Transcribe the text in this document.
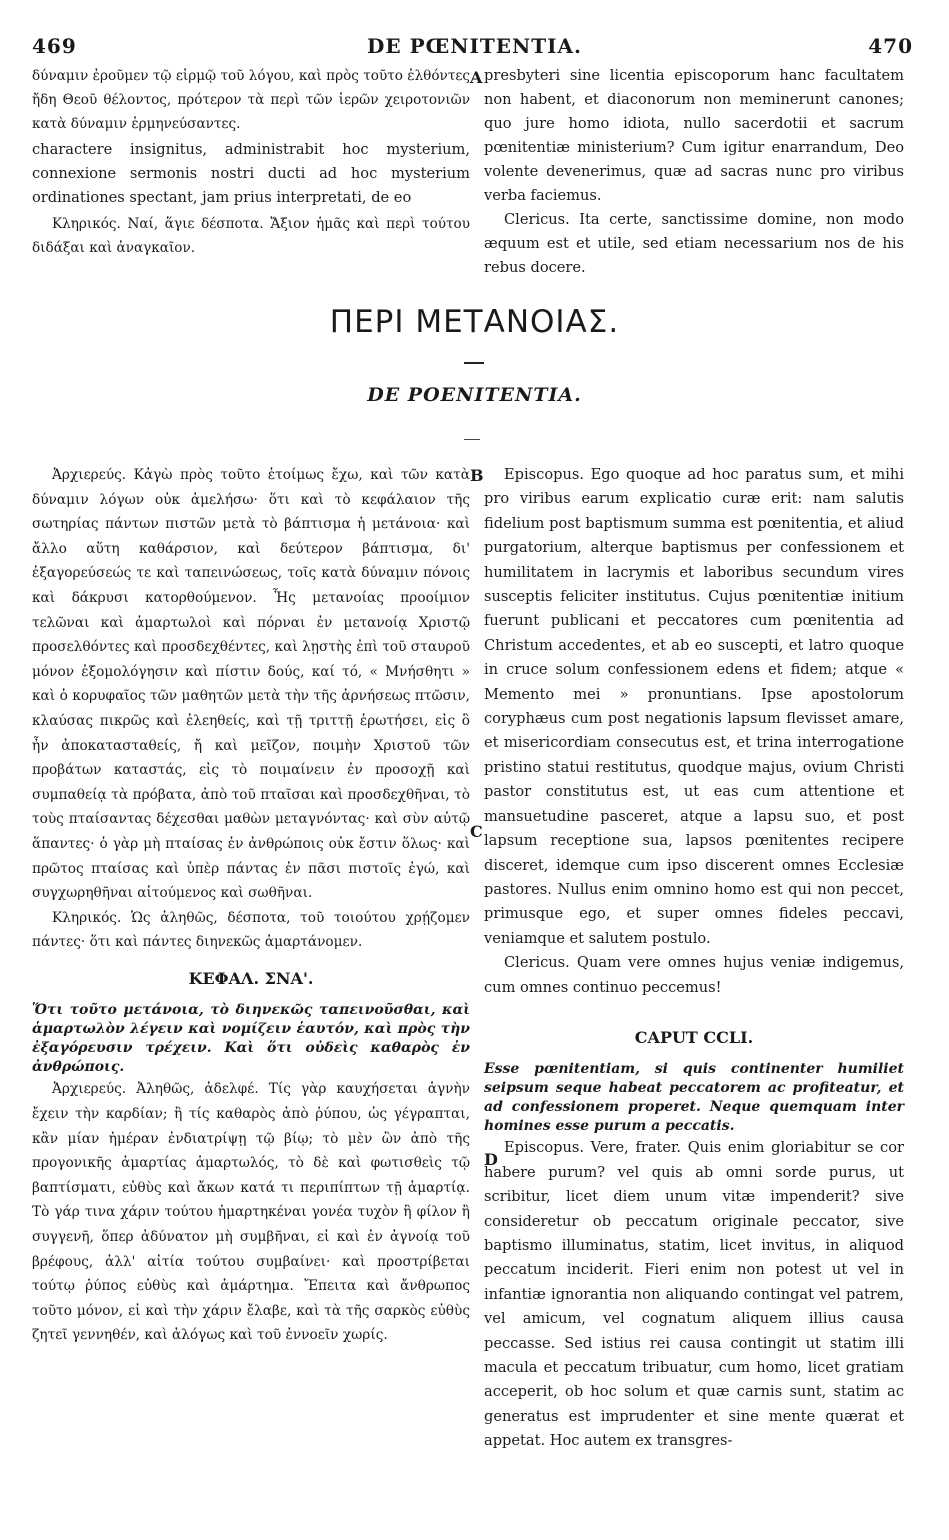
469	DE PŒNITENTIA.	470

δύναμιν ἐροῦμεν τῷ εἱρμῷ τοῦ λόγου, καὶ πρὸς τοῦτο ἐλθόντες ἤδη Θεοῦ θέλοντος, πρότερον τὰ περὶ τῶν ἱερῶν χειροτονιῶν κατὰ δύναμιν ἑρμηνεύσαντες.

charactere insignitus, administrabit hoc mysterium, connexione sermonis nostri ducti ad hoc mysterium ordinationes spectant, jam prius interpretati, de eo

Κληρικός. Ναί, ἅγιε δέσποτα. Ἄξιον ἡμᾶς καὶ περὶ τούτου διδάξαι καὶ ἀναγκαῖον.

presbyteri sine licentia episcoporum hanc facultatem non habent, et diaconorum non meminerunt canones; quo jure homo idiota, nullo sacerdotii et sacrum pœnitentiæ ministerium? Cum igitur enarrandum, Deo volente devenerimus, quæ ad sacras nunc pro viribus verba faciemus.

Clericus. Ita certe, sanctissime domine, non modo æquum est et utile, sed etiam necessarium nos de his rebus docere.

A
ΠΕΡΙ ΜΕΤΑΝΟΙΑΣ.
DE POENITENTIA.
B
C
D

Ἀρχιερεύς. Κἀγὼ πρὸς τοῦτο ἑτοίμως ἔχω, καὶ τῶν κατὰ δύναμιν λόγων οὐκ ἀμελήσω· ὅτι καὶ τὸ κεφάλαιον τῆς σωτηρίας πάντων πιστῶν μετὰ τὸ βάπτισμα ἡ μετάνοια· καὶ ἄλλο αὕτη καθάρσιον, καὶ δεύτερον βάπτισμα, δι' ἐξαγορεύσεώς τε καὶ ταπεινώσεως, τοῖς κατὰ δύναμιν πόνοις καὶ δάκρυσι κατορθούμενον. Ἧς μετανοίας προοίμιον τελῶναι καὶ ἁμαρτωλοὶ καὶ πόρναι ἐν μετανοίᾳ Χριστῷ προσελθόντες καὶ προσδεχθέντες, καὶ λῃστὴς ἐπὶ τοῦ σταυροῦ μόνον ἐξομολόγησιν καὶ πίστιν δούς, καί τό, « Μνήσθητι » καὶ ὁ κορυφαῖος τῶν μαθητῶν μετὰ τὴν τῆς ἀρνήσεως πτῶσιν, κλαύσας πικρῶς καὶ ἐλεηθείς, καὶ τῇ τριττῇ ἐρωτήσει, εἰς ὃ ἦν ἀποκατασταθείς, ἤ καὶ μεῖζον, ποιμὴν Χριστοῦ τῶν προβάτων καταστάς, εἰς τὸ ποιμαίνειν ἐν προσοχῇ καὶ συμπαθείᾳ τὰ πρόβατα, ἀπὸ τοῦ πταῖσαι καὶ προσδεχθῆναι, τὸ τοὺς πταίσαντας δέχεσθαι μαθὼν μεταγνόντας· καὶ σὺν αὐτῷ ἅπαντες· ὁ γὰρ μὴ πταίσας ἐν ἀνθρώποις οὐκ ἔστιν ὅλως· καὶ πρῶτος πταίσας καὶ ὑπὲρ πάντας ἐν πᾶσι πιστοῖς ἐγώ, καὶ συγχωρηθῆναι αἰτούμενος καὶ σωθῆναι.

Κληρικός. Ὡς ἀληθῶς, δέσποτα, τοῦ τοιούτου χρῄζομεν πάντες· ὅτι καὶ πάντες διηνεκῶς ἁμαρτάνομεν.

ΚΕΦΑΛ. ΣΝΑ'.

Ὅτι τοῦτο μετάνοια, τὸ διηνεκῶς ταπεινοῦσθαι, καὶ ἁμαρτωλὸν λέγειν καὶ νομίζειν ἑαυτόν, καὶ πρὸς τὴν ἐξαγόρευσιν τρέχειν. Καὶ ὅτι οὐδεὶς καθαρὸς ἐν ἀνθρώποις.

Ἀρχιερεύς. Ἀληθῶς, ἀδελφέ. Τίς γὰρ καυχήσεται ἁγνὴν ἔχειν τὴν καρδίαν; ἢ τίς καθαρὸς ἀπὸ ῥύπου, ὡς γέγραπται, κἂν μίαν ἡμέραν ἐνδιατρίψῃ τῷ βίῳ; τὸ μὲν ὢν ἀπὸ τῆς προγονικῆς ἁμαρτίας ἁμαρτωλός, τὸ δὲ καὶ φωτισθεὶς τῷ βαπτίσματι, εὐθὺς καὶ ἄκων κατά τι περιπίπτων τῇ ἁμαρτίᾳ. Τὸ γάρ τινα χάριν τούτου ἡμαρτηκέναι γονέα τυχὸν ἢ φίλον ἢ συγγενῆ, ὅπερ ἀδύνατον μὴ συμβῆναι, εἰ καὶ ἐν ἀγνοίᾳ τοῦ βρέφους, ἀλλ' αἰτία τούτου συμβαίνει· καὶ προστρίβεται τούτῳ ῥύπος εὐθὺς καὶ ἁμάρτημα. Ἔπειτα καὶ ἄνθρωπος τοῦτο μόνον, εἰ καὶ τὴν χάριν ἔλαβε, καὶ τὰ τῆς σαρκὸς εὐθὺς ζητεῖ γεννηθέν, καὶ ἀλόγως καὶ τοῦ ἐννοεῖν χωρίς.

Episcopus. Ego quoque ad hoc paratus sum, et mihi pro viribus earum explicatio curæ erit: nam salutis fidelium post baptismum summa est pœnitentia, et aliud purgatorium, alterque baptismus per confessionem et humilitatem in lacrymis et laboribus secundum vires susceptis feliciter institutus. Cujus pœnitentiæ initium fuerunt publicani et peccatores cum pœnitentia ad Christum accedentes, et ab eo suscepti, et latro quoque in cruce solum confessionem edens et fidem; atque « Memento mei » pronuntians. Ipse apostolorum coryphæus cum post negationis lapsum flevisset amare, et misericordiam consecutus est, et trina interrogatione pristino statui restitutus, quodque majus, ovium Christi pastor constitutus est, ut eas cum attentione et mansuetudine pasceret, atque a lapsu suo, et post lapsum receptione sua, lapsos pœnitentes recipere disceret, idemque cum ipso discerent omnes Ecclesiæ pastores. Nullus enim omnino homo est qui non peccet, primusque ego, et super omnes fideles peccavi, veniamque et salutem postulo.

Clericus. Quam vere omnes hujus veniæ indigemus, cum omnes continuo peccemus!

CAPUT CCLI.

Esse pœnitentiam, si quis continenter humiliet seipsum seque habeat peccatorem ac profiteatur, et ad confessionem properet. Neque quemquam inter homines esse purum a peccatis.

Episcopus. Vere, frater. Quis enim gloriabitur se cor habere purum? vel quis ab omni sorde purus, ut scribitur, licet diem unum vitæ impenderit? sive consideretur ob peccatum originale peccator, sive baptismo illuminatus, statim, licet invitus, in aliquod peccatum inciderit. Fieri enim non potest ut vel in infantiæ ignorantia non aliquando contingat vel patrem, vel amicum, vel cognatum aliquem illius causa peccasse. Sed istius rei causa contingit ut statim illi macula et peccatum tribuatur, cum homo, licet gratiam acceperit, ob hoc solum et quæ carnis sunt, statim ac generatus est imprudenter et sine mente quærat et appetat. Hoc autem ex transgres-
